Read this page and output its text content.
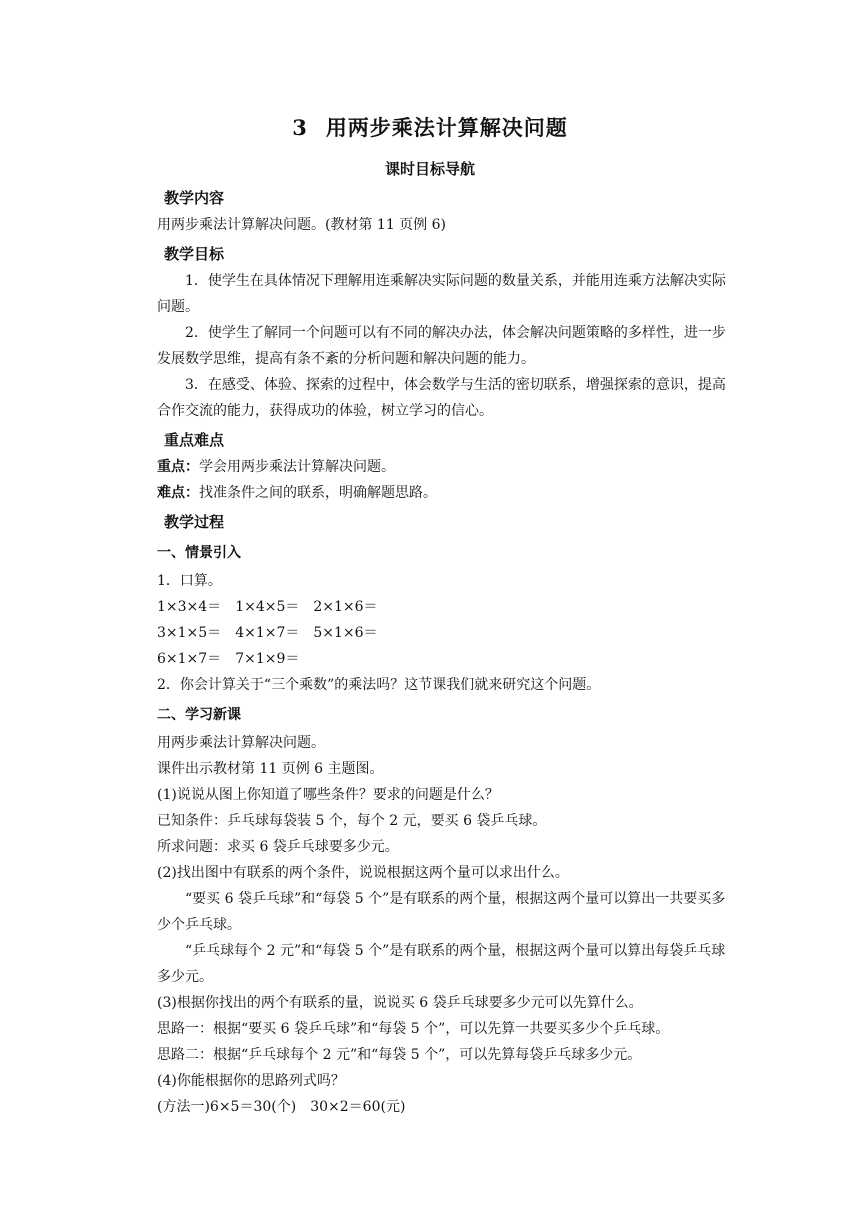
3 用两步乘法计算解决问题
课时目标导航
教学内容

用两步乘法计算解决问题。(教材第 11 页例 6)

教学目标

1．使学生在具体情况下理解用连乘解决实际问题的数量关系，并能用连乘方法解决实际问题。

2．使学生了解同一个问题可以有不同的解决办法，体会解决问题策略的多样性，进一步发展数学思维，提高有条不紊的分析问题和解决问题的能力。

3．在感受、体验、探索的过程中，体会数学与生活的密切联系，增强探索的意识，提高合作交流的能力，获得成功的体验，树立学习的信心。

重点难点

重点：学会用两步乘法计算解决问题。

难点：找准条件之间的联系，明确解题思路。

教学过程
一、情景引入

1．口算。

1×3×4＝ 1×4×5＝ 2×1×6＝

3×1×5＝ 4×1×7＝ 5×1×6＝

6×1×7＝ 7×1×9＝

2．你会计算关于“三个乘数”的乘法吗？这节课我们就来研究这个问题。

二、学习新课

用两步乘法计算解决问题。

课件出示教材第 11 页例 6 主题图。

(1)说说从图上你知道了哪些条件？要求的问题是什么？

已知条件：乒乓球每袋装 5 个，每个 2 元，要买 6 袋乒乓球。

所求问题：求买 6 袋乒乓球要多少元。

(2)找出图中有联系的两个条件，说说根据这两个量可以求出什么。

“要买 6 袋乒乓球”和“每袋 5 个”是有联系的两个量，根据这两个量可以算出一共要买多少个乒乓球。

“乒乓球每个 2 元”和“每袋 5 个”是有联系的两个量，根据这两个量可以算出每袋乒乓球多少元。

(3)根据你找出的两个有联系的量，说说买 6 袋乒乓球要多少元可以先算什么。

思路一：根据“要买 6 袋乒乓球”和“每袋 5 个”，可以先算一共要买多少个乒乓球。

思路二：根据“乒乓球每个 2 元”和“每袋 5 个”，可以先算每袋乒乓球多少元。

(4)你能根据你的思路列式吗？

(方法一)6×5＝30(个) 30×2＝60(元)
